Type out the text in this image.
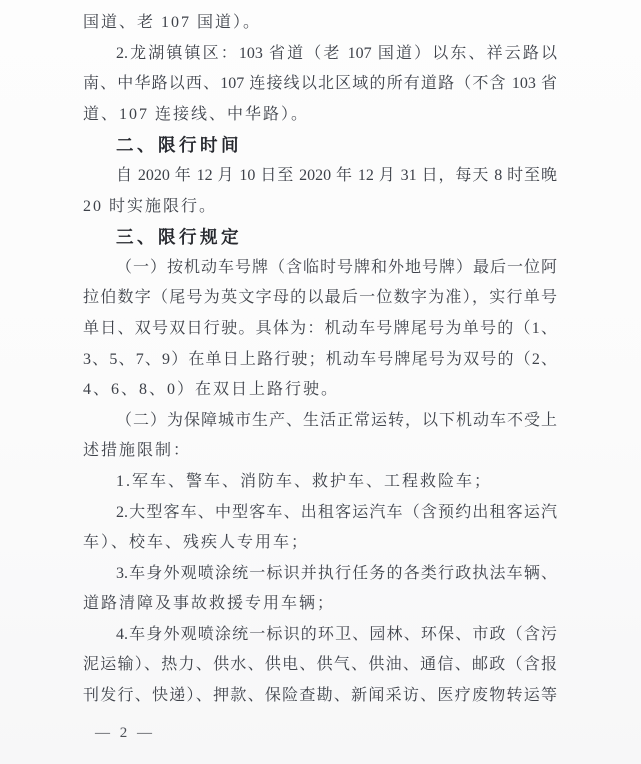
国道、老 107 国道）。
2.龙湖镇镇区：103 省道（老 107 国道）以东、祥云路以
南、中华路以西、107 连接线以北区域的所有道路（不含 103 省
道、107 连接线、中华路）。
二、限行时间
自 2020 年 12 月 10 日至 2020 年 12 月 31 日，每天 8 时至晚
20 时实施限行。
三、限行规定
（一）按机动车号牌（含临时号牌和外地号牌）最后一位阿
拉伯数字（尾号为英文字母的以最后一位数字为准），实行单号
单日、双号双日行驶。具体为：机动车号牌尾号为单号的（1、
3、5、7、9）在单日上路行驶；机动车号牌尾号为双号的（2、
4、6、8、0）在双日上路行驶。
（二）为保障城市生产、生活正常运转，以下机动车不受上
述措施限制：
1.军车、警车、消防车、救护车、工程救险车；
2.大型客车、中型客车、出租客运汽车（含预约出租客运汽
车）、校车、残疾人专用车；
3.车身外观喷涂统一标识并执行任务的各类行政执法车辆、
道路清障及事故救援专用车辆；
4.车身外观喷涂统一标识的环卫、园林、环保、市政（含污
泥运输）、热力、供水、供电、供气、供油、通信、邮政（含报
刊发行、快递）、押款、保险查勘、新闻采访、医疗废物转运等
— 2 —
